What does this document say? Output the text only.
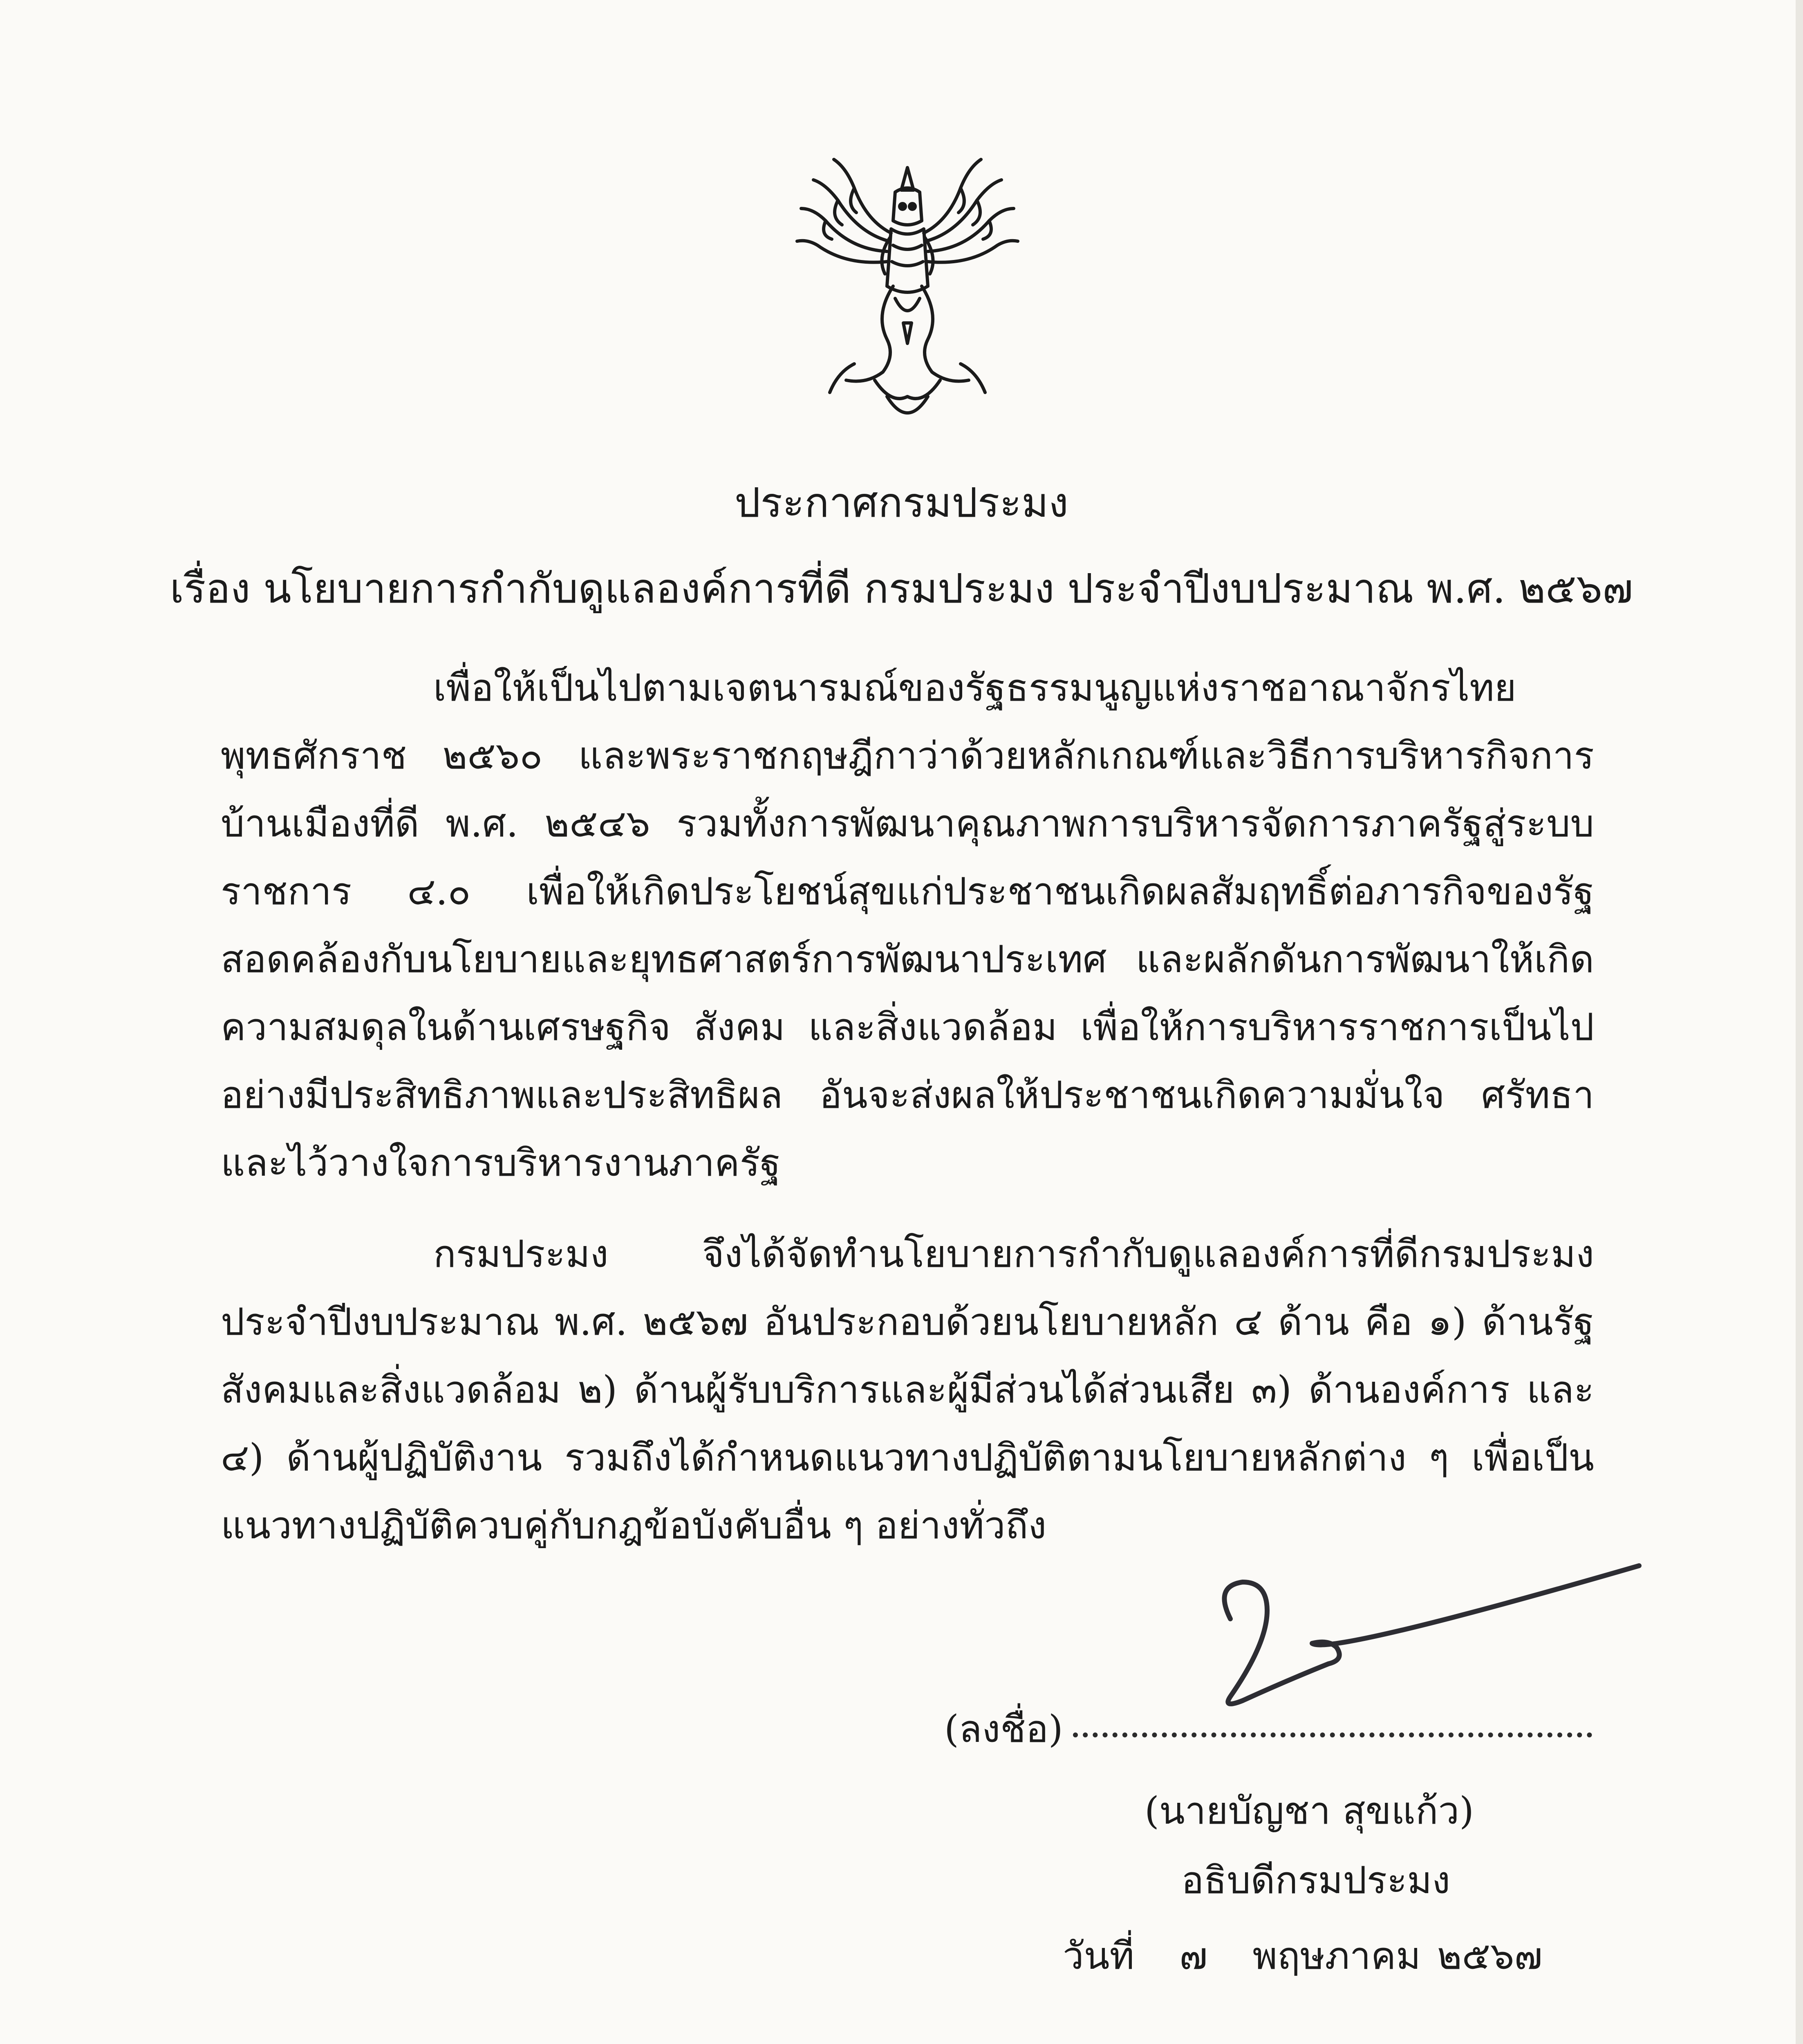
ประกาศกรมประมง
เรื่อง นโยบายการกำกับดูแลองค์การที่ดี กรมประมง ประจำปีงบประมาณ พ.ศ. ๒๕๖๗

เพื่อให้เป็นไปตามเจตนารมณ์ของรัฐธรรมนูญแห่งราชอาณาจักรไทย พุทธศักราช ๒๕๖๐ และพระราชกฤษฎีกาว่าด้วยหลักเกณฑ์และวิธีการบริหารกิจการบ้านเมืองที่ดี พ.ศ. ๒๕๔๖ รวมทั้งการพัฒนาคุณภาพการบริหารจัดการภาครัฐสู่ระบบราชการ ๔.๐ เพื่อให้เกิดประโยชน์สุขแก่ประชาชนเกิดผลสัมฤทธิ์ต่อภารกิจของรัฐ สอดคล้องกับนโยบายและยุทธศาสตร์การพัฒนาประเทศ และผลักดันการพัฒนาให้เกิดความสมดุลในด้านเศรษฐกิจ สังคม และสิ่งแวดล้อม เพื่อให้การบริหารราชการเป็นไปอย่างมีประสิทธิภาพและประสิทธิผล อันจะส่งผลให้ประชาชนเกิดความมั่นใจ ศรัทธา และไว้วางใจการบริหารงานภาครัฐ

กรมประมง จึงได้จัดทำนโยบายการกำกับดูแลองค์การที่ดีกรมประมง ประจำปีงบประมาณ พ.ศ. ๒๕๖๗ อันประกอบด้วยนโยบายหลัก ๔ ด้าน คือ ๑) ด้านรัฐ สังคมและสิ่งแวดล้อม ๒) ด้านผู้รับบริการและผู้มีส่วนได้ส่วนเสีย ๓) ด้านองค์การ และ ๔) ด้านผู้ปฏิบัติงาน รวมถึงได้กำหนดแนวทางปฏิบัติตามนโยบายหลักต่าง ๆ เพื่อเป็นแนวทางปฏิบัติควบคู่กับกฎข้อบังคับอื่น ๆ อย่างทั่วถึง

(ลงชื่อ)
(นายบัญชา สุขแก้ว)
อธิบดีกรมประมง
วันที่ ๗ พฤษภาคม ๒๕๖๗
